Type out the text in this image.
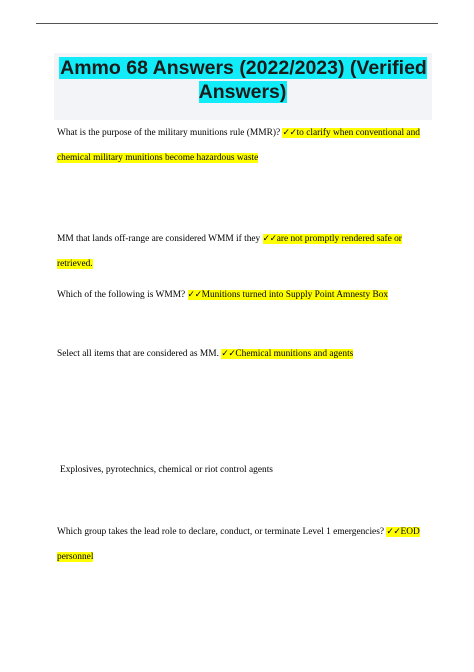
Ammo 68 Answers (2022/2023) (Verified Answers)
What is the purpose of the military munitions rule (MMR)? ✓✓to clarify when conventional and chemical military munitions become hazardous waste
MM that lands off-range are considered WMM if they ✓✓are not promptly rendered safe or retrieved.
Which of the following is WMM? ✓✓Munitions turned into Supply Point Amnesty Box
Select all items that are considered as MM. ✓✓Chemical munitions and agents
Explosives, pyrotechnics, chemical or riot control agents
Which group takes the lead role to declare, conduct, or terminate Level 1 emergencies? ✓✓EOD personnel
